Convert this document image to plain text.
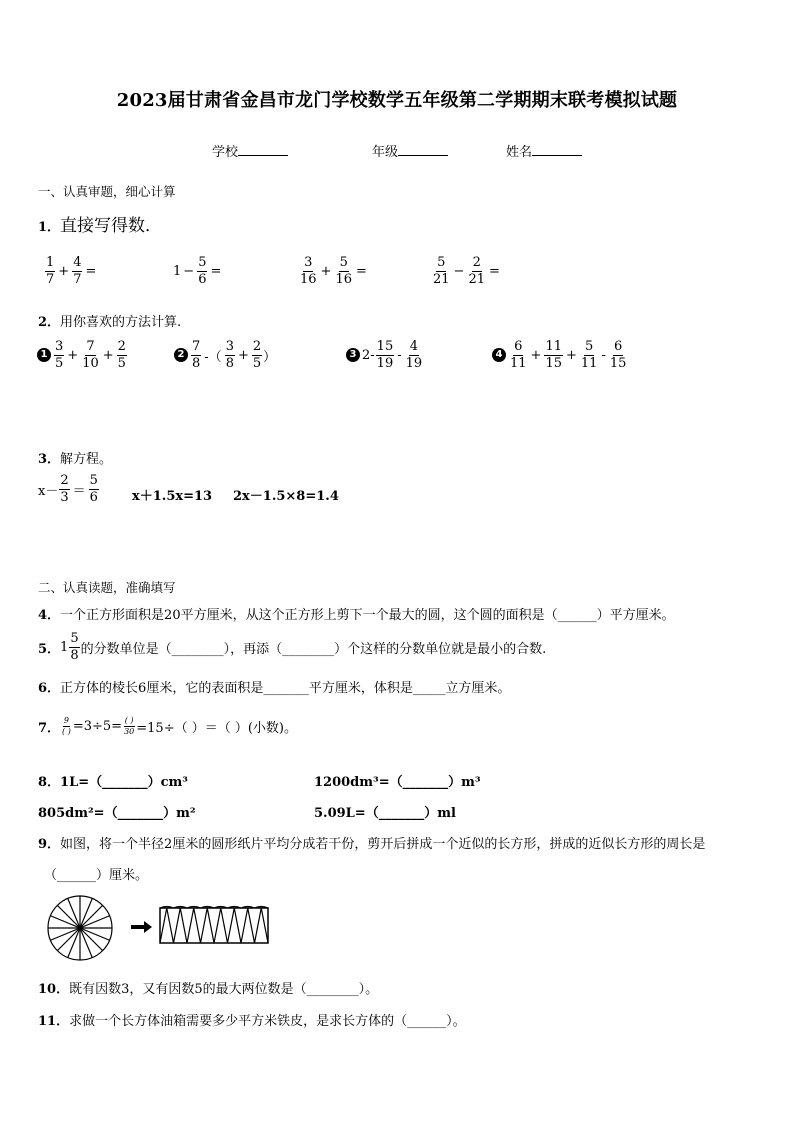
2023届甘肃省金昌市龙门学校数学五年级第二学期期末联考模拟试题
学校	年级	姓名
一、认真审题，细心计算
1．直接写得数．
1
7
+ $\frac{4}{7}$ =	$1 - \frac{5}{6}$ =
3
16
+ $\frac{5}{16}$ =
5
21
− $\frac{2}{21}$ =
2．用你喜欢的方法计算.
1
3
5
+ $\frac{7}{10} + \frac{2}{5}$	2
7
8 -（
3
8
+ $\frac{2}{5}$ ）	3 2-
15
19
-
4
19
4
6
11
+ $\frac{11}{15} + \frac{5}{11}$ -
6
15
3．解方程。
x－
2
3 ＝
5
6	x＋1.5x=13 2x－1.5×8=1.4
二、认真读题，准确填写
4．一个正方形面积是20平方厘米，从这个正方形上剪下一个最大的圆，这个圆的面积是（______）平方厘米。
5． 1
5
8 的分数单位是（________），再添（________）个这样的分数单位就是最小的合数.
6．正方体的棱长6厘米，它的表面积是_______平方厘米，体积是_____立方厘米。
7．
9
( ) =3÷5= ( )
30 =15÷（ ）＝（ ）(小数)。
8．1L=（_______）cm³	1200dm³=（_______）m³
805dm²=（_______）m²	5.09L=（_______）ml
9．如图，将一个半径2厘米的圆形纸片平均分成若干份，剪开后拼成一个近似的长方形，拼成的近似长方形的周长是
（______）厘米。
10．既有因数3，又有因数5的最大两位数是（________）。
11．求做一个长方体油箱需要多少平方米铁皮，是求长方体的（______）。
